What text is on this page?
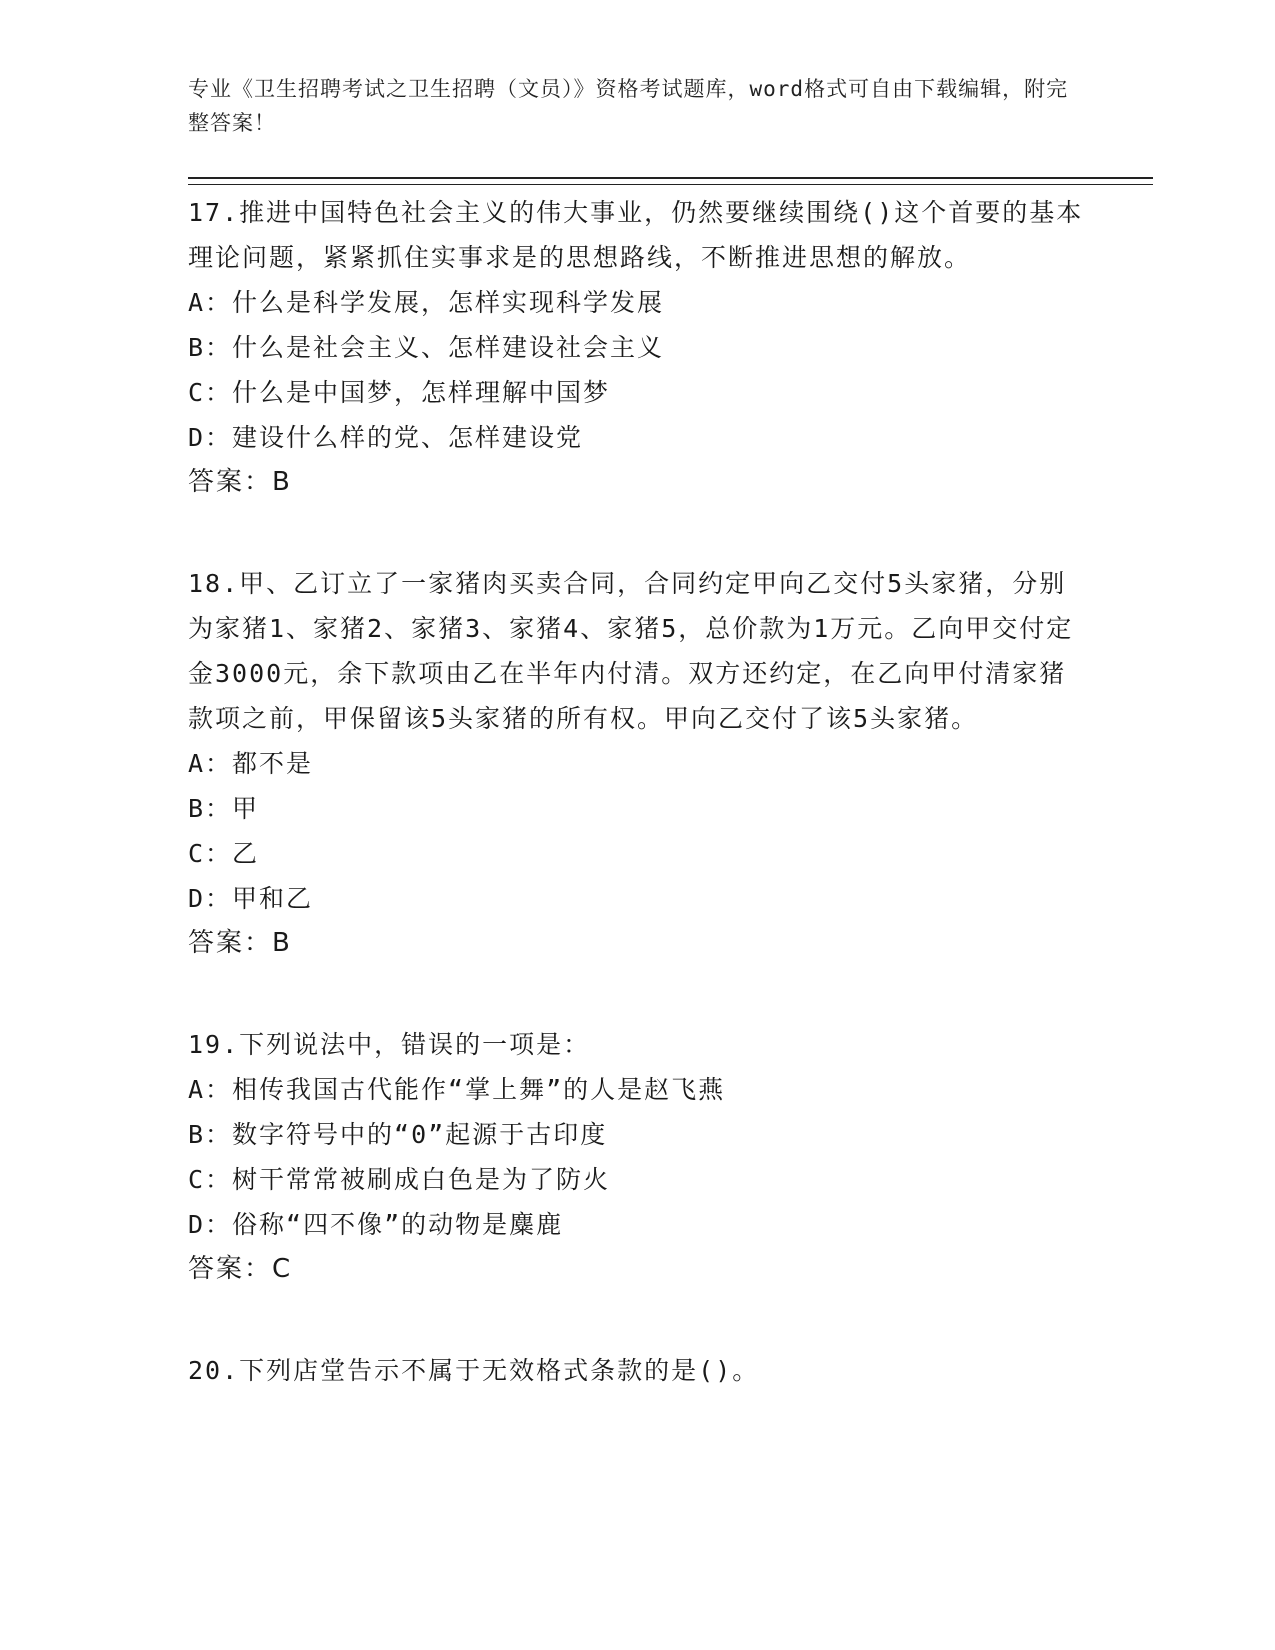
专业《卫生招聘考试之卫生招聘（文员）》资格考试题库，word格式可自由下载编辑，附完整答案！

17.推进中国特色社会主义的伟大事业，仍然要继续围绕()这个首要的基本理论问题，紧紧抓住实事求是的思想路线，不断推进思想的解放。

A：什么是科学发展，怎样实现科学发展

B：什么是社会主义、怎样建设社会主义

C：什么是中国梦，怎样理解中国梦

D：建设什么样的党、怎样建设党

答案：B

18.甲、乙订立了一家猪肉买卖合同，合同约定甲向乙交付5头家猪，分别为家猪1、家猪2、家猪3、家猪4、家猪5，总价款为1万元。乙向甲交付定金3000元，余下款项由乙在半年内付清。双方还约定，在乙向甲付清家猪款项之前，甲保留该5头家猪的所有权。甲向乙交付了该5头家猪。

A：都不是

B：甲

C：乙

D：甲和乙

答案：B

19.下列说法中，错误的一项是：

A：相传我国古代能作“掌上舞”的人是赵飞燕

B：数字符号中的“0”起源于古印度

C：树干常常被刷成白色是为了防火

D：俗称“四不像”的动物是麋鹿

答案：C

20.下列店堂告示不属于无效格式条款的是()。
